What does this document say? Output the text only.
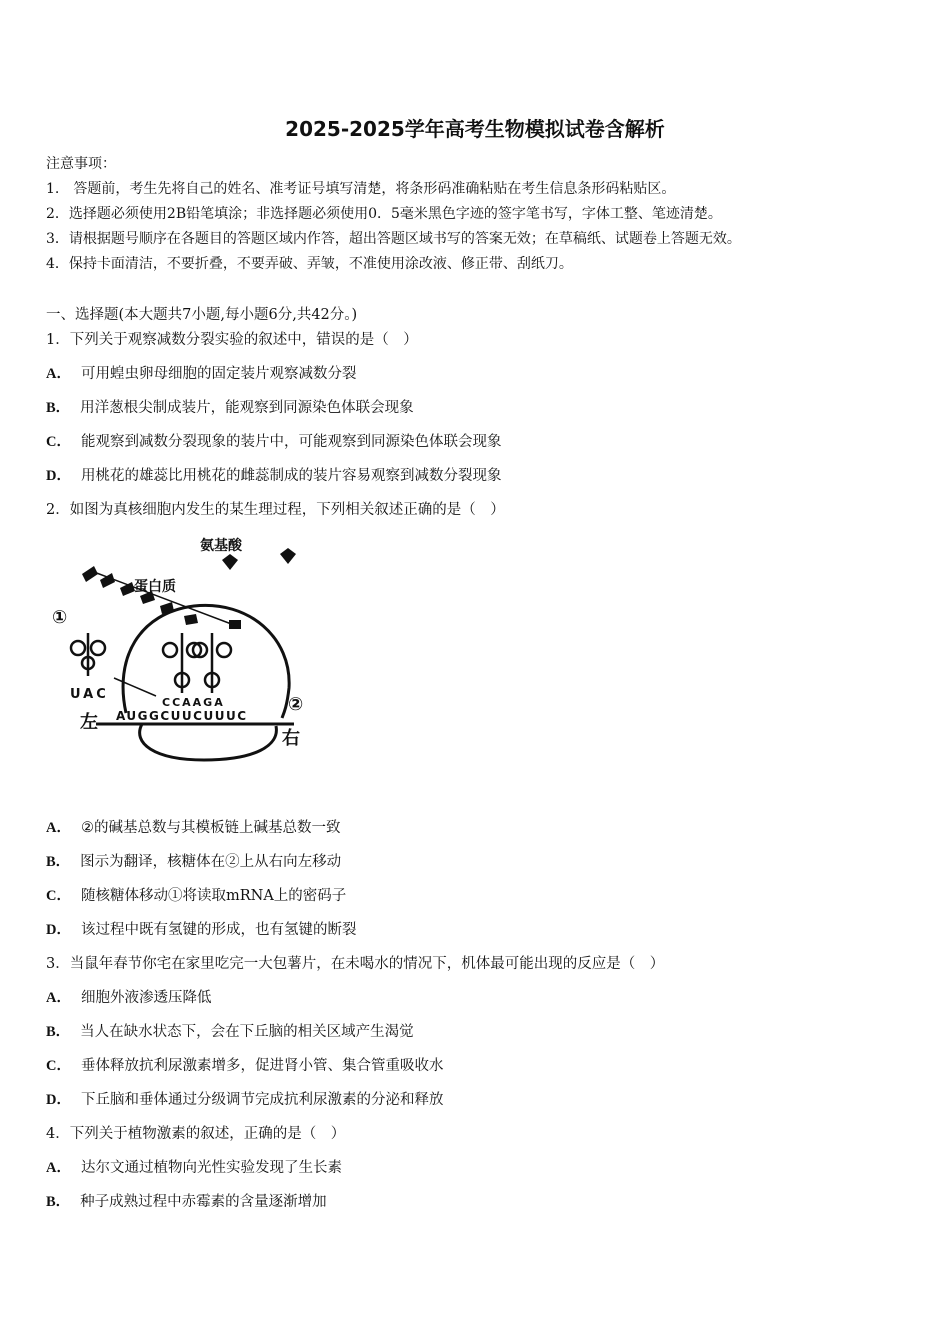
2025-2025学年高考生物模拟试卷含解析
注意事项：
1.　答题前，考生先将自己的姓名、准考证号填写清楚，将条形码准确粘贴在考生信息条形码粘贴区。
2．选择题必须使用2B铅笔填涂；非选择题必须使用0．5毫米黑色字迹的签字笔书写，字体工整、笔迹清楚。
3．请根据题号顺序在各题目的答题区域内作答，超出答题区域书写的答案无效；在草稿纸、试题卷上答题无效。
4．保持卡面清洁，不要折叠，不要弄破、弄皱，不准使用涂改液、修正带、刮纸刀。
一、选择题(本大题共7小题,每小题6分,共42分。)
1．下列关于观察减数分裂实验的叙述中，错误的是（　）
A． 可用蝗虫卵母细胞的固定装片观察减数分裂
B． 用洋葱根尖制成装片，能观察到同源染色体联会现象
C． 能观察到减数分裂现象的装片中，可能观察到同源染色体联会现象
D． 用桃花的雄蕊比用桃花的雌蕊制成的装片容易观察到减数分裂现象
2．如图为真核细胞内发生的某生理过程，下列相关叙述正确的是（　）
氨基酸
蛋白质
①
UAC
CCAAGA
AUGGCUUCUUUC
左
右
②
A． ②的碱基总数与其模板链上碱基总数一致
B． 图示为翻译，核糖体在②上从右向左移动
C． 随核糖体移动①将读取mRNA上的密码子
D． 该过程中既有氢键的形成，也有氢键的断裂
3．当鼠年春节你宅在家里吃完一大包薯片，在未喝水的情况下，机体最可能出现的反应是（　）
A． 细胞外液渗透压降低
B． 当人在缺水状态下，会在下丘脑的相关区域产生渴觉
C． 垂体释放抗利尿激素增多，促进肾小管、集合管重吸收水
D． 下丘脑和垂体通过分级调节完成抗利尿激素的分泌和释放
4．下列关于植物激素的叙述，正确的是（　）
A． 达尔文通过植物向光性实验发现了生长素
B． 种子成熟过程中赤霉素的含量逐渐增加
